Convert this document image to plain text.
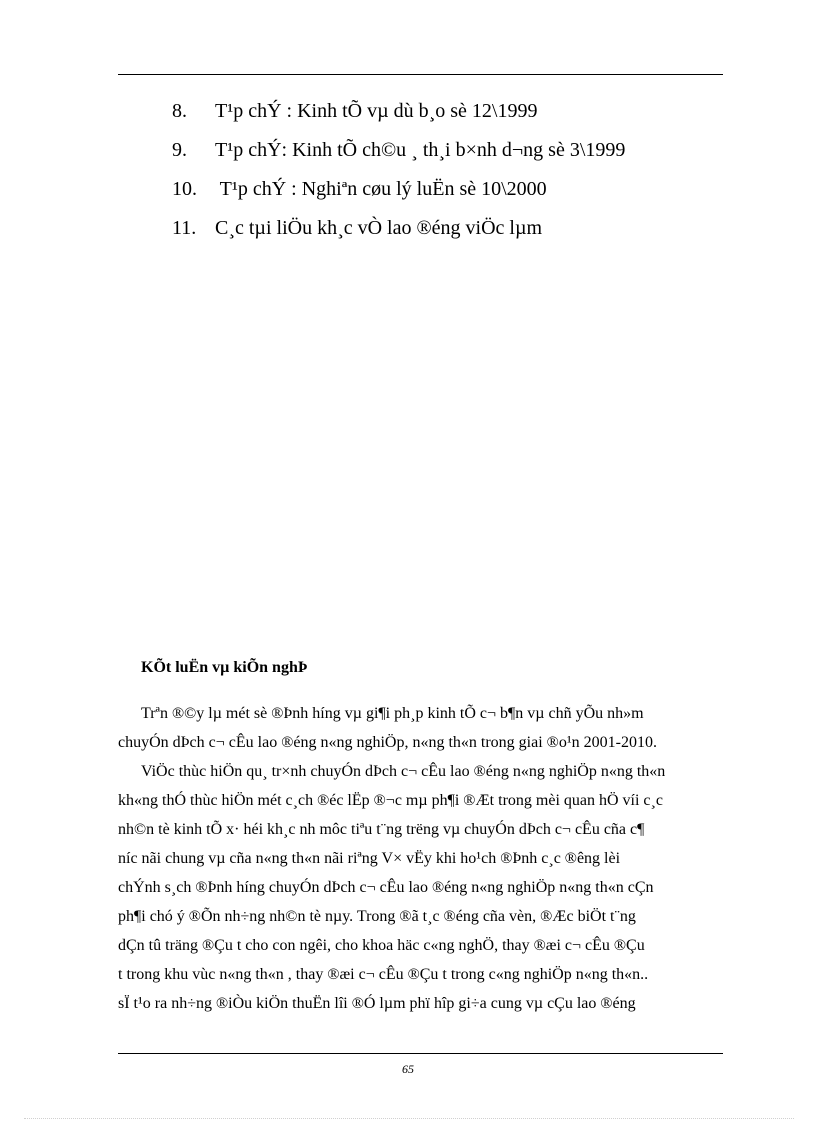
8. T¹p chÝ : Kinh tÕ vµ dù b¸o sè 12\1999
9. T¹p chÝ: Kinh tÕ ch©u ¸ th¸i b×nh d¬ng sè 3\1999
10. T¹p chÝ : Nghiªn cøu lý luËn sè 10\2000
11. C¸c tµi liÖu kh¸c vÒ lao ®éng viÖc lµm
KÕt luËn vµ kiÕn nghÞ
Trªn ®©y lµ mét sè ®Þnh híng vµ gi¶i ph¸p kinh tÕ c¬ b¶n vµ chñ yÕu nh»m
chuyÓn dÞch c¬ cÊu lao ®éng n«ng nghiÖp, n«ng th«n trong giai ®o¹n 2001-2010.
ViÖc thùc hiÖn qu¸ tr×nh chuyÓn dÞch c¬ cÊu lao ®éng n«ng nghiÖp n«ng th«n
kh«ng thÓ thùc hiÖn mét c¸ch ®éc lËp ®¬c mµ ph¶i ®Æt trong mèi quan hÖ víi c¸c
nh©n tè kinh tÕ x· héi kh¸c nh môc tiªu t¨ng trëng vµ chuyÓn dÞch c¬ cÊu cña c¶
níc nãi chung vµ cña n«ng th«n nãi riªng V× vËy khi ho¹ch ®Þnh c¸c ®êng lèi
chÝnh s¸ch ®Þnh híng chuyÓn dÞch c¬ cÊu lao ®éng n«ng nghiÖp n«ng th«n cÇn
ph¶i chó ý ®Õn nh÷ng nh©n tè nµy. Trong ®ã t¸c ®éng cña vèn, ®Æc biÖt t¨ng
dÇn tû träng ®Çu t cho con ngêi, cho khoa häc c«ng nghÖ, thay ®æi c¬ cÊu ®Çu
t trong khu vùc n«ng th«n , thay ®æi c¬ cÊu ®Çu t trong c«ng nghiÖp n«ng th«n..
sÏ t¹o ra nh÷ng ®iÒu kiÖn thuËn lîi ®Ó lµm phï hîp gi÷a cung vµ cÇu lao ®éng
65
